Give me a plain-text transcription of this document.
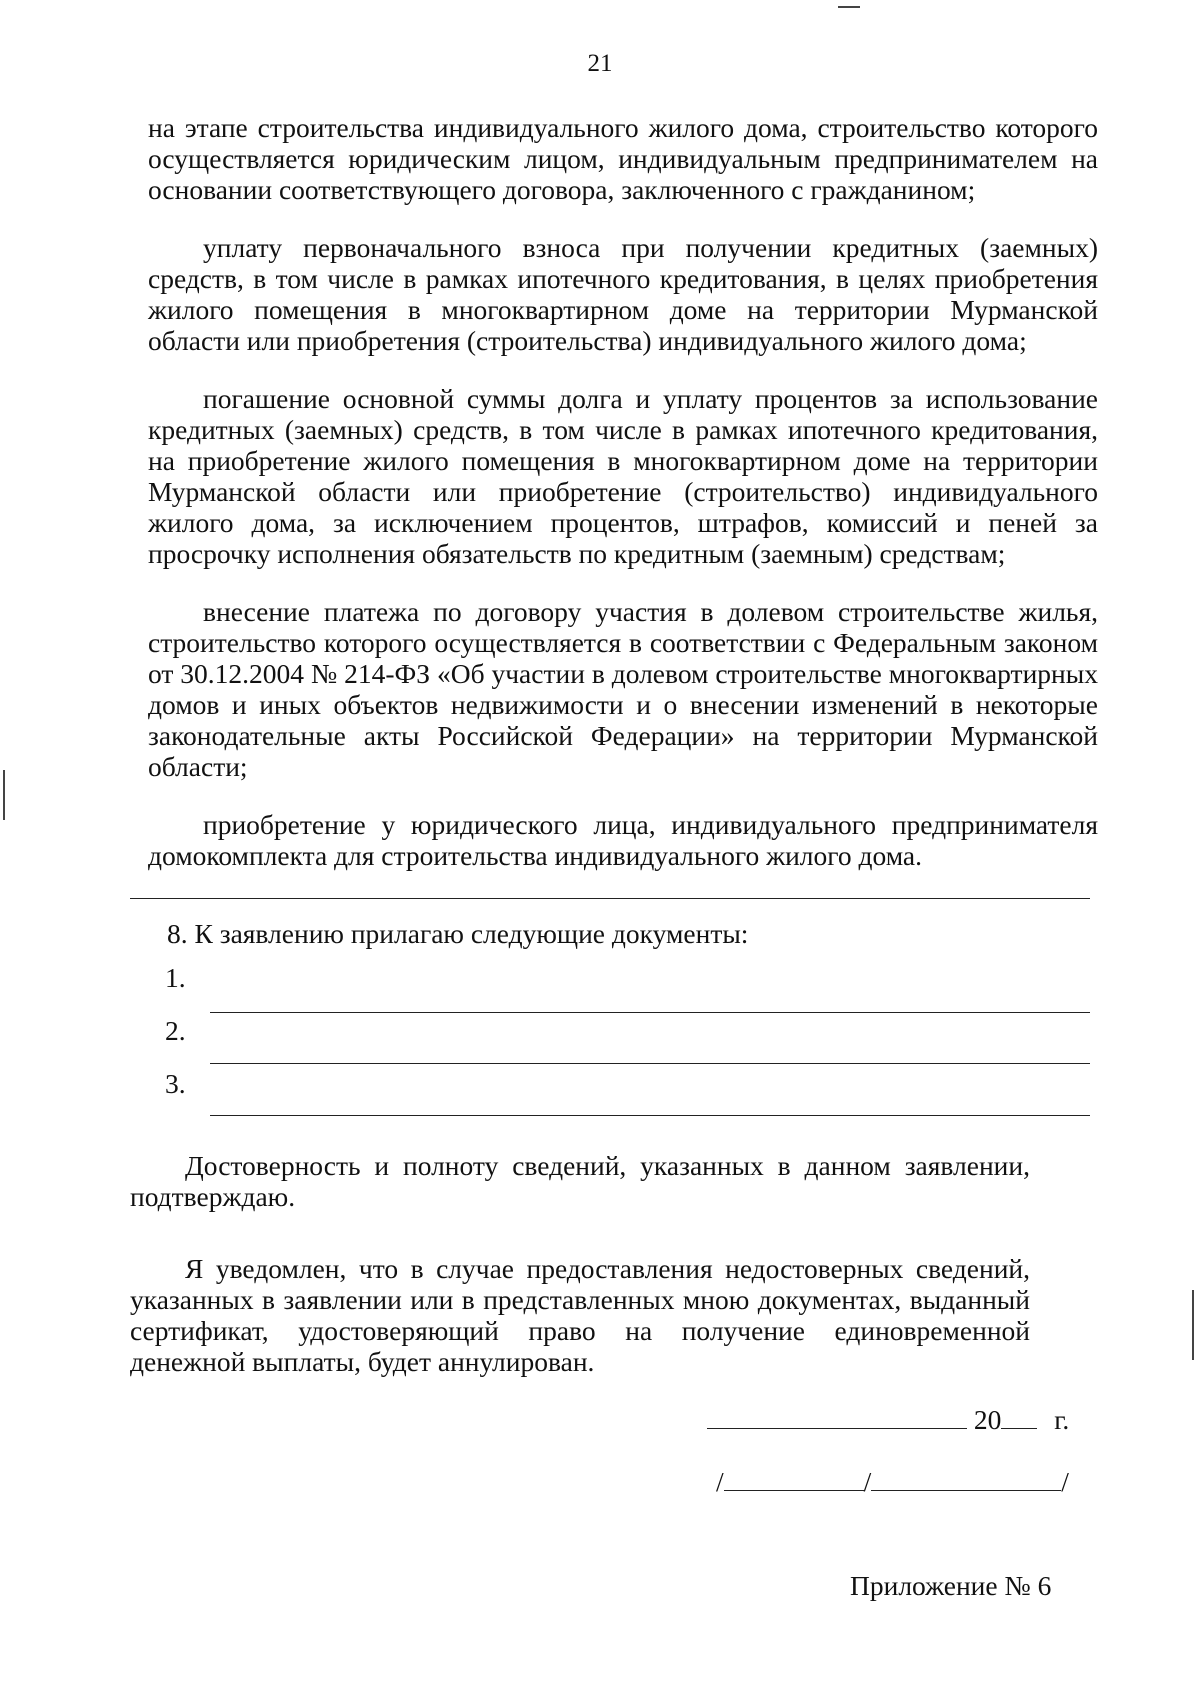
21

на этапе строительства индивидуального жилого дома, строительство которого осуществляется юридическим лицом, индивидуальным предпринимателем на основании соответствующего договора, заключенного с гражданином;

уплату первоначального взноса при получении кредитных (заемных) средств, в том числе в рамках ипотечного кредитования, в целях приобретения жилого помещения в многоквартирном доме на территории Мурманской области или приобретения (строительства) индивидуального жилого дома;

погашение основной суммы долга и уплату процентов за использование кредитных (заемных) средств, в том числе в рамках ипотечного кредитования, на приобретение жилого помещения в многоквартирном доме на территории Мурманской области или приобретение (строительство) индивидуального жилого дома, за исключением процентов, штрафов, комиссий и пеней за просрочку исполнения обязательств по кредитным (заемным) средствам;

внесение платежа по договору участия в долевом строительстве жилья, строительство которого осуществляется в соответствии с Федеральным законом от 30.12.2004 № 214-ФЗ «Об участии в долевом строительстве многоквартирных домов и иных объектов недвижимости и о внесении изменений в некоторые законодательные акты Российской Федерации» на территории Мурманской области;

приобретение у юридического лица, индивидуального предпринимателя домокомплекта для строительства индивидуального жилого дома.

8. К заявлению прилагаю следующие документы:
1.
2.
3.

Достоверность и полноту сведений, указанных в данном заявлении, подтверждаю.

Я уведомлен, что в случае предоставления недостоверных сведений, указанных в заявлении или в представленных мною документах, выданный сертификат, удостоверяющий право на получение единовременной денежной выплаты, будет аннулирован.

20 г.
/	/	/
Приложение № 6
